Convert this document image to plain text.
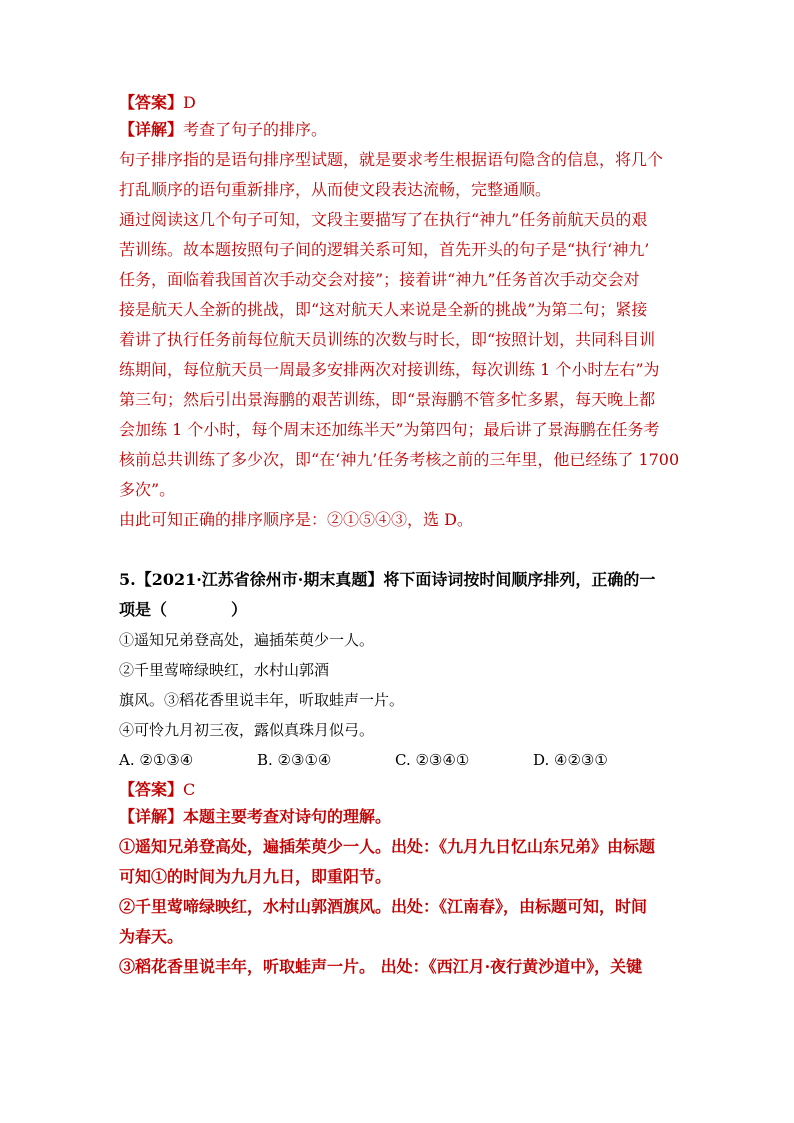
【答案】D
【详解】考查了句子的排序。
句子排序指的是语句排序型试题，就是要求考生根据语句隐含的信息，将几个
打乱顺序的语句重新排序，从而使文段表达流畅，完整通顺。
通过阅读这几个句子可知，文段主要描写了在执行“神九”任务前航天员的艰
苦训练。故本题按照句子间的逻辑关系可知，首先开头的句子是“执行‘神九’
任务，面临着我国首次手动交会对接”；接着讲“神九”任务首次手动交会对
接是航天人全新的挑战，即“这对航天人来说是全新的挑战”为第二句；紧接
着讲了执行任务前每位航天员训练的次数与时长，即“按照计划，共同科目训
练期间，每位航天员一周最多安排两次对接训练，每次训练 1 个小时左右”为
第三句；然后引出景海鹏的艰苦训练，即“景海鹏不管多忙多累，每天晚上都
会加练 1 个小时，每个周末还加练半天”为第四句；最后讲了景海鹏在任务考
核前总共训练了多少次，即“在‘神九’任务考核之前的三年里，他已经练了 1700
多次”。
由此可知正确的排序顺序是：②①⑤④③，选 D。
5.【2021·江苏省徐州市·期末真题】将下面诗词按时间顺序排列，正确的一
项是（　　　　）
①遥知兄弟登高处，遍插茱萸少一人。
②千里莺啼绿映红，水村山郭酒
旗风。③稻花香里说丰年，听取蛙声一片。
④可怜九月初三夜，露似真珠月似弓。
A. ②①③④	B. ②③①④	C. ②③④①	D. ④②③①
【答案】C
【详解】本题主要考查对诗句的理解。
①遥知兄弟登高处，遍插茱萸少一人。出处：《九月九日忆山东兄弟》由标题
可知①的时间为九月九日，即重阳节。
②千里莺啼绿映红，水村山郭酒旗风。出处：《江南春》，由标题可知，时间
为春天。
③稻花香里说丰年，听取蛙声一片。 出处：《西江月·夜行黄沙道中》，关键
